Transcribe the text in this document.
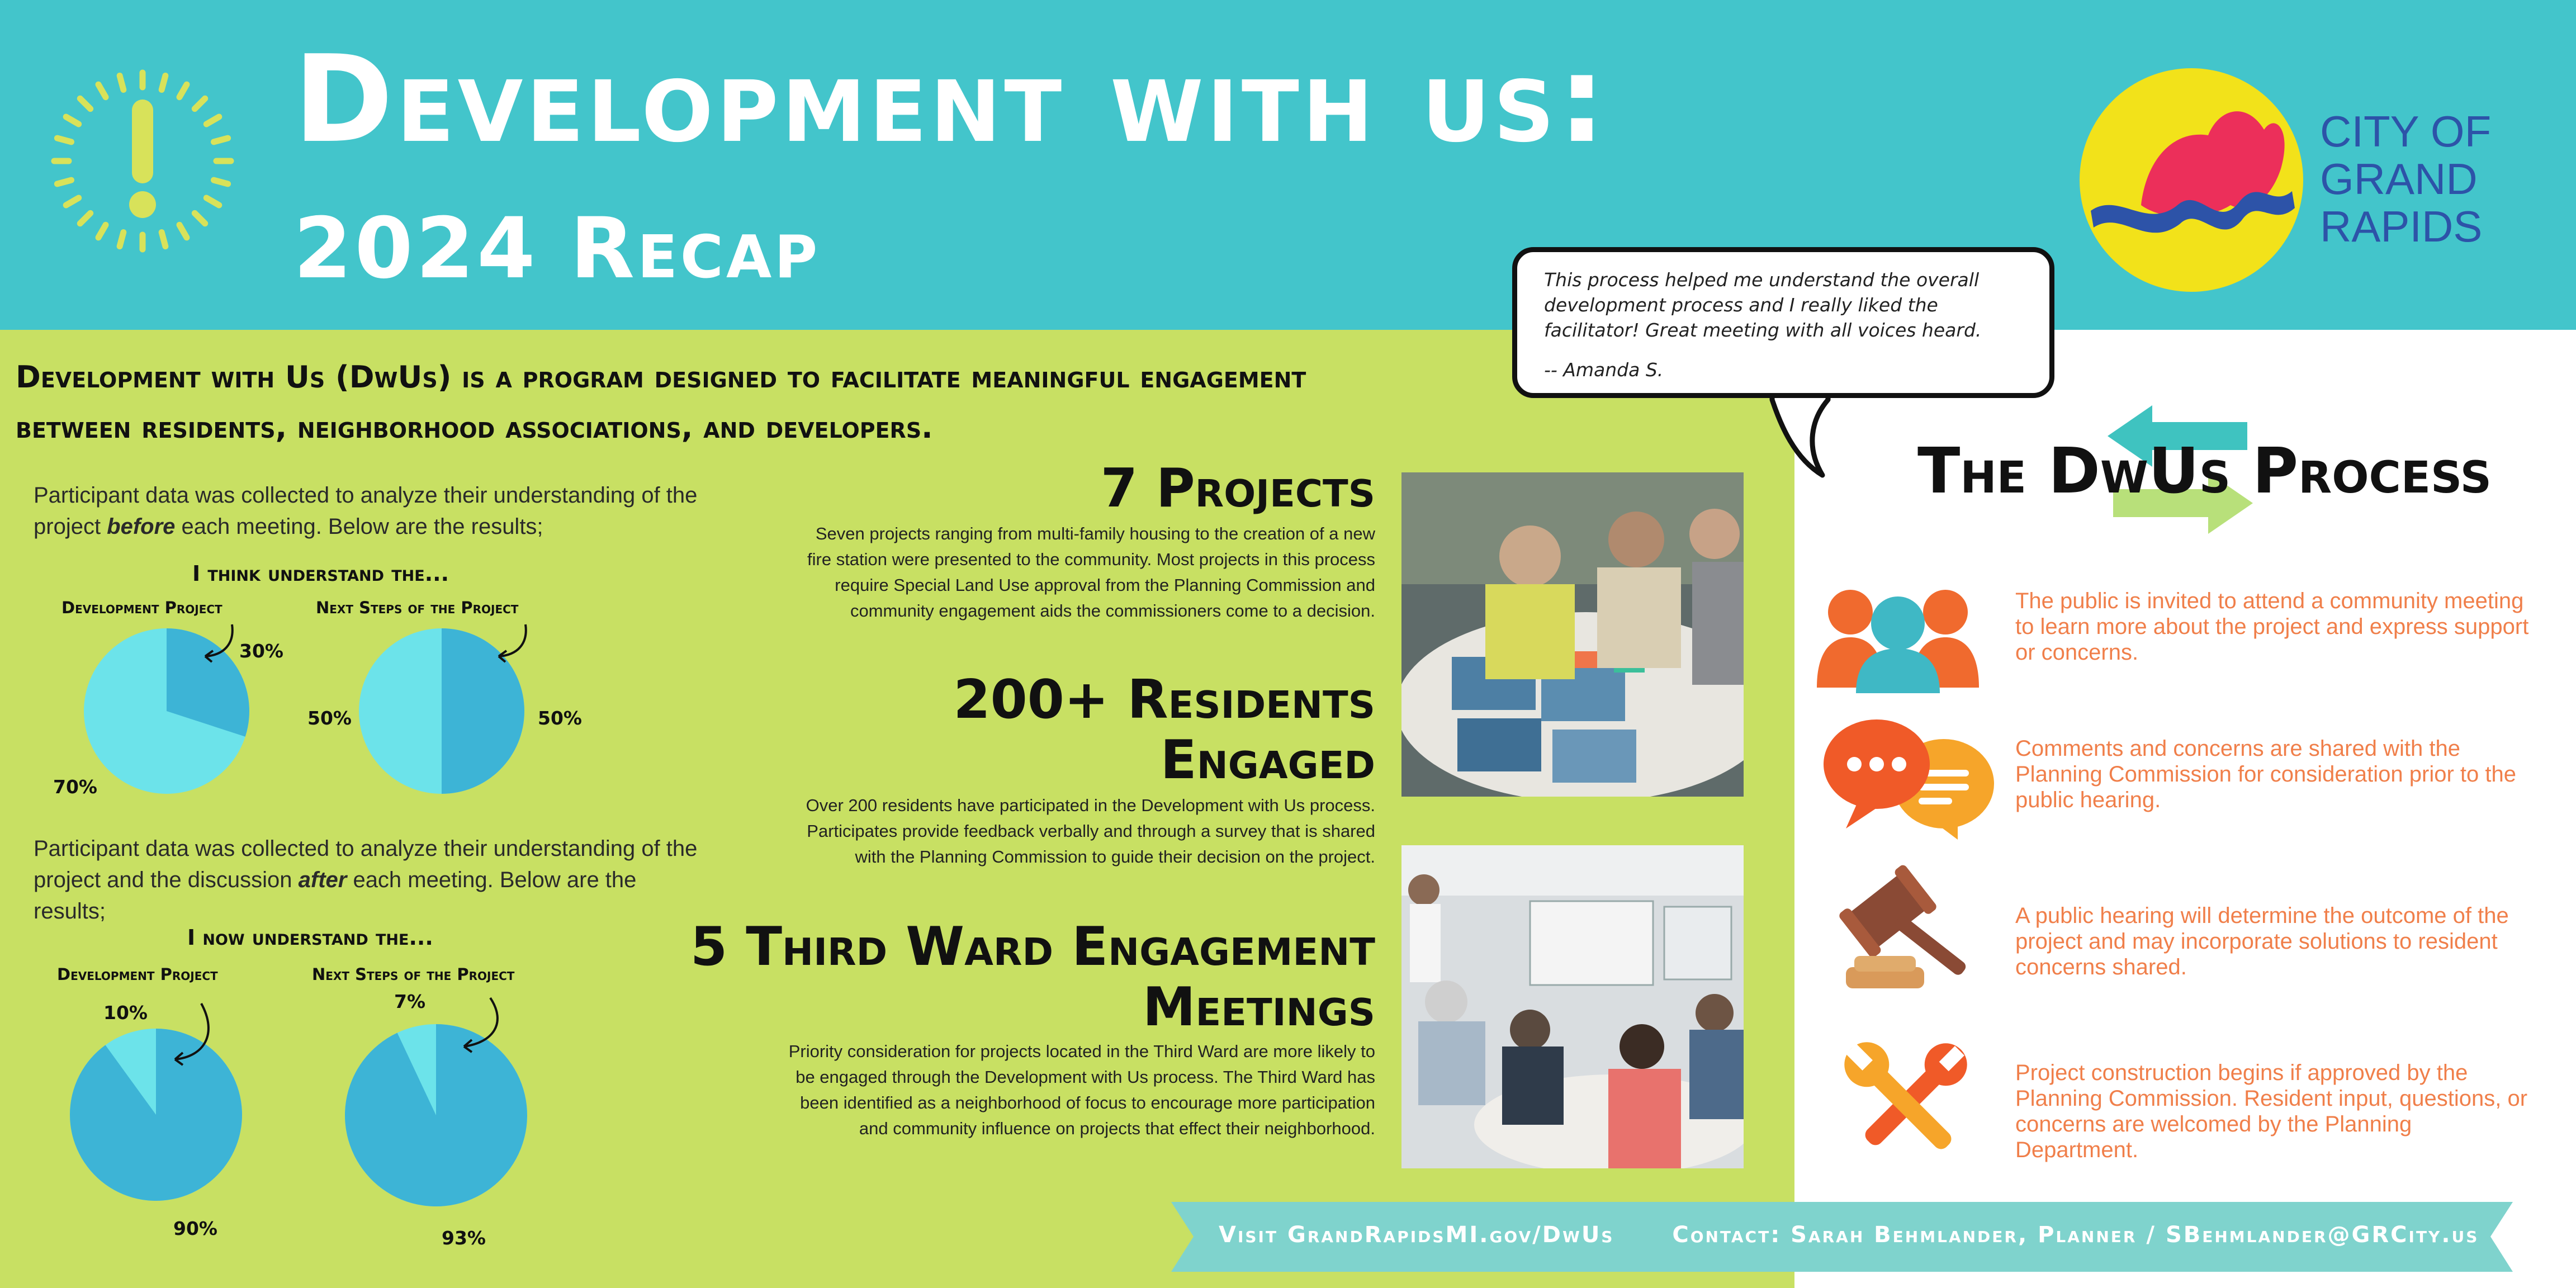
Development with us:
2024 Recap
CITY OF
GRAND
RAPIDS
Development with Us (DwUs) is a program designed to facilitate meaningful engagement between residents, neighborhood associations, and developers.
Participant data was collected to analyze their understanding of the project before each meeting. Below are the results;
I think understand the...
Development Project	Next Steps of the Project
30%
70%
50%	50%
Participant data was collected to analyze their understanding of the project and the discussion after each meeting. Below are the results;
I now understand the...
Development Project	Next Steps of the Project
10%
90%
7%
93%
7 Projects
Seven projects ranging from multi-family housing to the creation of a new fire station were presented to the community. Most projects in this process require Special Land Use approval from the Planning Commission and community engagement aids the commissioners come to a decision.
200+ Residents
Engaged
Over 200 residents have participated in the Development with Us process. Participates provide feedback verbally and through a survey that is shared with the Planning Commission to guide their decision on the project.
5 Third Ward Engagement
Meetings
Priority consideration for projects located in the Third Ward are more likely to be engaged through the Development with Us process. The Third Ward has been identified as a neighborhood of focus to encourage more participation and community influence on projects that effect their neighborhood.
This process helped me understand the overall development process and I really liked the facilitator! Great meeting with all voices heard.
-- Amanda S.
The DwUs Process
The public is invited to attend a community meeting to learn more about the project and express support or concerns.
Comments and concerns are shared with the Planning Commission for consideration prior to the public hearing.
A public hearing will determine the outcome of the project and may incorporate solutions to resident concerns shared.
Project construction begins if approved by the Planning Commission. Resident input, questions, or concerns are welcomed by the Planning Department.
Visit GrandRapidsMI.gov/DwUs	Contact: Sarah Behmlander, Planner / SBehmlander@GRCity.us
